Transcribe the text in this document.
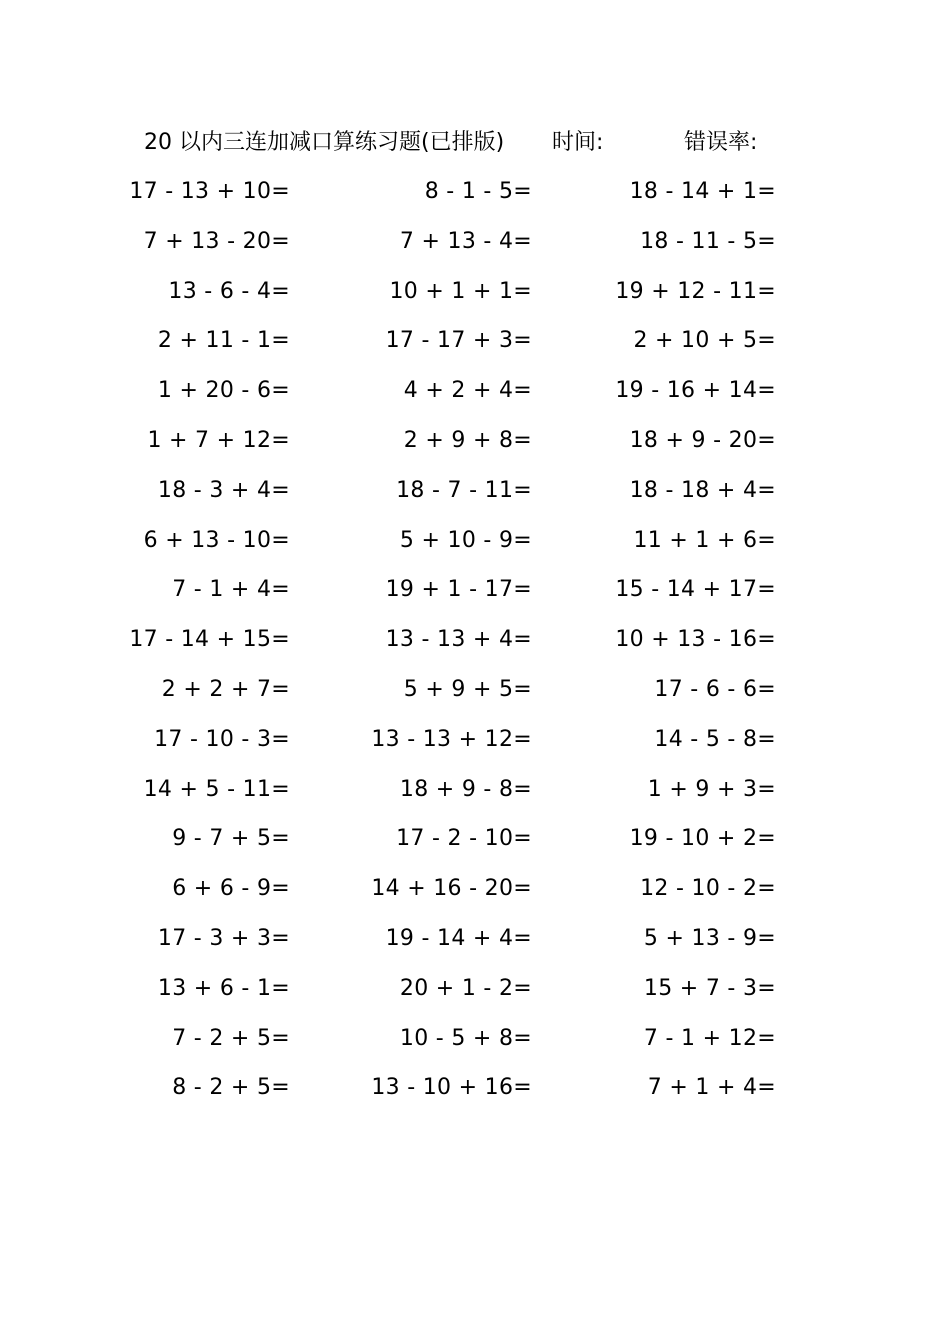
20 以内三连加减口算练习题(已排版) 时间:	错误率:
17 - 13 + 10=	8 - 1 - 5=	18 - 14 + 1=
7 + 13 - 20=	7 + 13 - 4=	18 - 11 - 5=
13 - 6 - 4=	10 + 1 + 1=	19 + 12 - 11=
2 + 11 - 1=	17 - 17 + 3=	2 + 10 + 5=
1 + 20 - 6=	4 + 2 + 4=	19 - 16 + 14=
1 + 7 + 12=	2 + 9 + 8=	18 + 9 - 20=
18 - 3 + 4=	18 - 7 - 11=	18 - 18 + 4=
6 + 13 - 10=	5 + 10 - 9=	11 + 1 + 6=
7 - 1 + 4=	19 + 1 - 17=	15 - 14 + 17=
17 - 14 + 15=	13 - 13 + 4=	10 + 13 - 16=
2 + 2 + 7=	5 + 9 + 5=	17 - 6 - 6=
17 - 10 - 3=	13 - 13 + 12=	14 - 5 - 8=
14 + 5 - 11=	18 + 9 - 8=	1 + 9 + 3=
9 - 7 + 5=	17 - 2 - 10=	19 - 10 + 2=
6 + 6 - 9=	14 + 16 - 20=	12 - 10 - 2=
17 - 3 + 3=	19 - 14 + 4=	5 + 13 - 9=
13 + 6 - 1=	20 + 1 - 2=	15 + 7 - 3=
7 - 2 + 5=	10 - 5 + 8=	7 - 1 + 12=
8 - 2 + 5=	13 - 10 + 16=	7 + 1 + 4=
